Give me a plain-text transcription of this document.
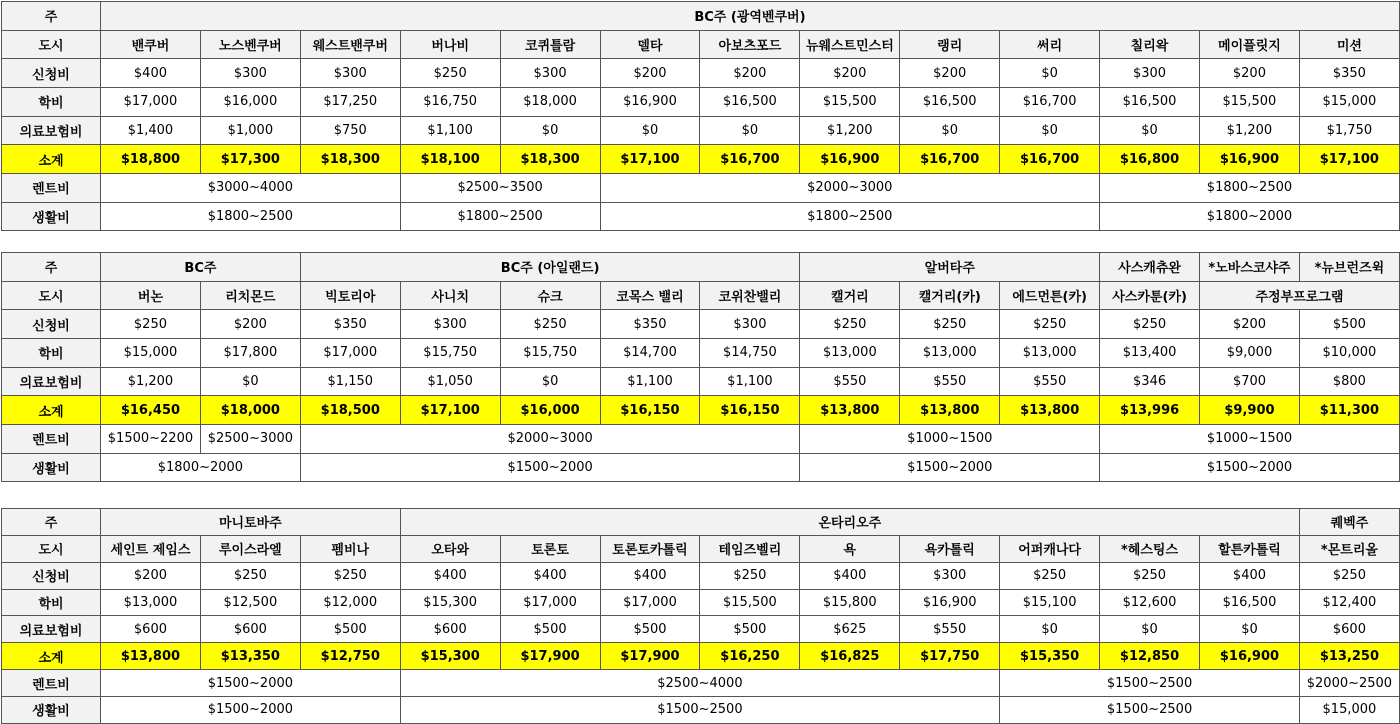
주	BC주 (광역벤쿠버)												
도시	밴쿠버	노스벤쿠버	웨스트밴쿠버	버나비	코퀴틀람	델타	아보츠포드	뉴웨스트민스터	랭리	써리	칠리왁	메이플릿지	미션
신청비	$400	$300	$300	$250	$300	$200	$200	$200	$200	$0	$300	$200	$350
학비	$17,000	$16,000	$17,250	$16,750	$18,000	$16,900	$16,500	$15,500	$16,500	$16,700	$16,500	$15,500	$15,000
의료보험비	$1,400	$1,000	$750	$1,100	$0	$0	$0	$1,200	$0	$0	$0	$1,200	$1,750
소계	$18,800	$17,300	$18,300	$18,100	$18,300	$17,100	$16,700	$16,900	$16,700	$16,700	$16,800	$16,900	$17,100
렌트비	$3000~4000			$2500~3500		$2000~3000					$1800~2500		
생활비	$1800~2500			$1800~2500		$1800~2500					$1800~2000		
주	BC주		BC주 (아일랜드)					알버타주			사스캐츄완	*노바스코샤주	*뉴브런즈윅
도시	버논	리치몬드	빅토리아	사니치	슈크	코목스 밸리	코위찬밸리	캘거리	캘거리(카)	에드먼튼(카)	사스카툰(카)	주정부프로그램	
신청비	$250	$200	$350	$300	$250	$350	$300	$250	$250	$250	$250	$200	$500
학비	$15,000	$17,800	$17,000	$15,750	$15,750	$14,700	$14,750	$13,000	$13,000	$13,000	$13,400	$9,000	$10,000
의료보험비	$1,200	$0	$1,150	$1,050	$0	$1,100	$1,100	$550	$550	$550	$346	$700	$800
소계	$16,450	$18,000	$18,500	$17,100	$16,000	$16,150	$16,150	$13,800	$13,800	$13,800	$13,996	$9,900	$11,300
렌트비	$1500~2200	$2500~3000	$2000~3000					$1000~1500			$1000~1500		
생활비	$1800~2000		$1500~2000					$1500~2000			$1500~2000		
주	마니토바주			온타리오주									퀘벡주
도시	세인트 제임스	루이스라엘	펨비나	오타와	토론토	토론토카톨릭	테임즈벨리	욕	욕카톨릭	어퍼캐나다	*헤스팅스	할튼카톨릭	*몬트리올
신청비	$200	$250	$250	$400	$400	$400	$250	$400	$300	$250	$250	$400	$250
학비	$13,000	$12,500	$12,000	$15,300	$17,000	$17,000	$15,500	$15,800	$16,900	$15,100	$12,600	$16,500	$12,400
의료보험비	$600	$600	$500	$600	$500	$500	$500	$625	$550	$0	$0	$0	$600
소계	$13,800	$13,350	$12,750	$15,300	$17,900	$17,900	$16,250	$16,825	$17,750	$15,350	$12,850	$16,900	$13,250
렌트비	$1500~2000			$2500~4000						$1500~2500			$2000~2500
생활비	$1500~2000			$1500~2500						$1500~2500			$15,000
